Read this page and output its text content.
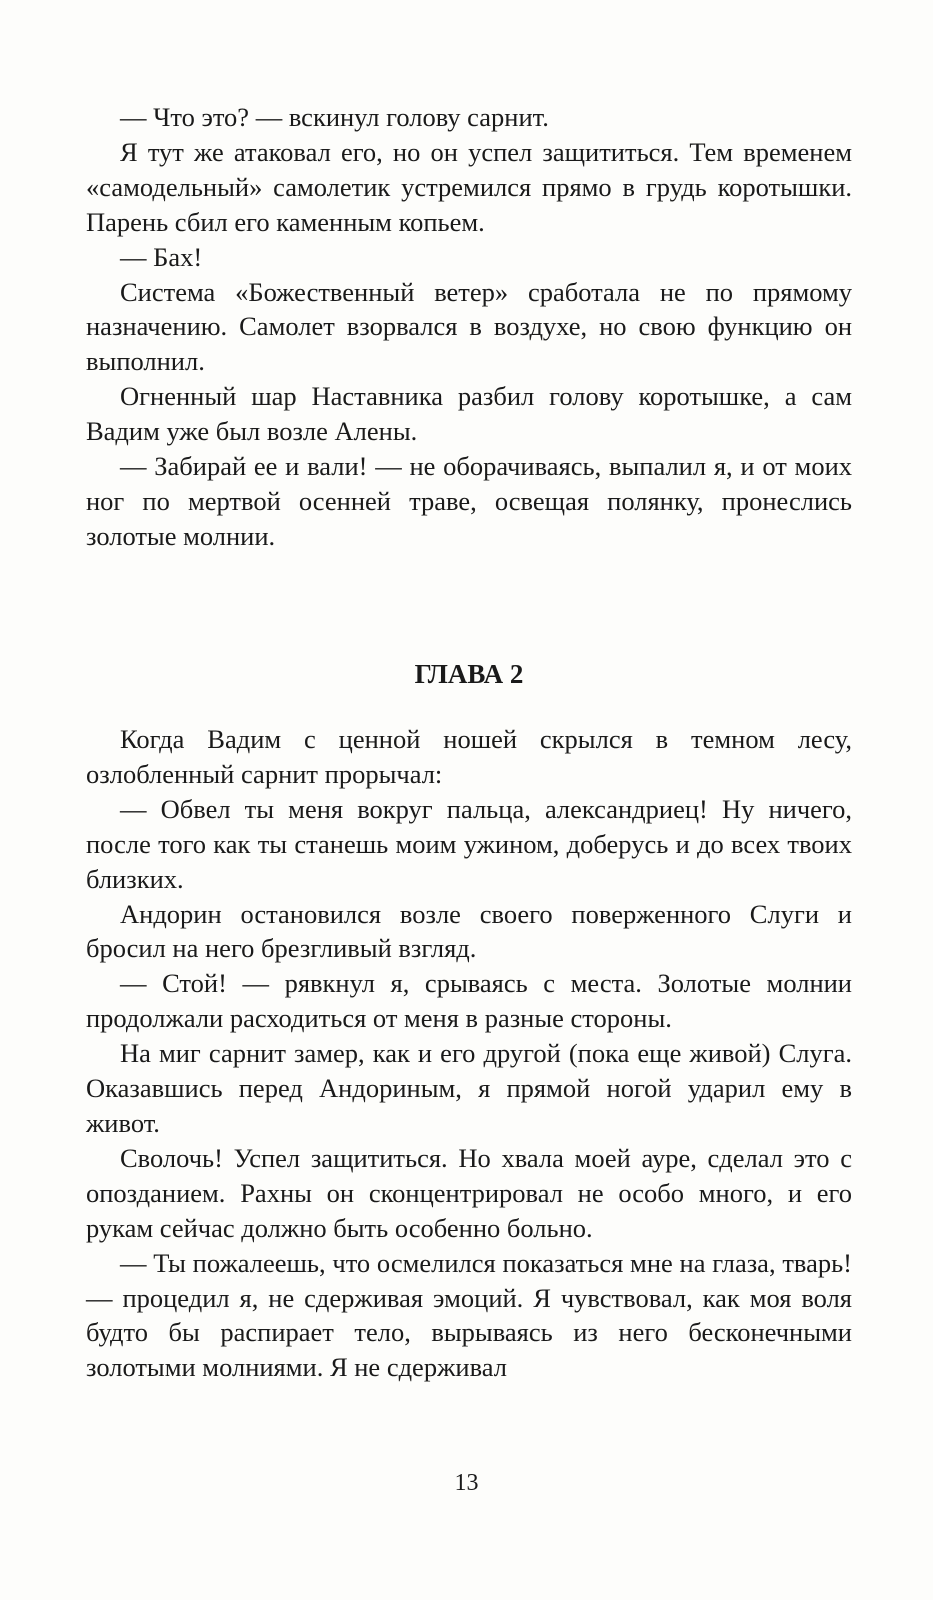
— Что это? — вскинул голову сарнит.

Я тут же атаковал его, но он успел защититься. Тем временем «самодельный» самолетик устремился прямо в грудь коротышки. Парень сбил его каменным копьем.

— Бах!

Система «Божественный ветер» сработала не по прямому назначению. Самолет взорвался в воздухе, но свою функцию он выполнил.

Огненный шар Наставника разбил голову коротышке, а сам Вадим уже был возле Алены.

— Забирай ее и вали! — не оборачиваясь, выпалил я, и от моих ног по мертвой осенней траве, освещая полянку, пронеслись золотые молнии.

ГЛАВА 2

Когда Вадим с ценной ношей скрылся в темном лесу, озлобленный сарнит прорычал:

— Обвел ты меня вокруг пальца, александриец! Ну ничего, после того как ты станешь моим ужином, доберусь и до всех твоих близких.

Андорин остановился возле своего поверженного Слуги и бросил на него брезгливый взгляд.

— Стой! — рявкнул я, срываясь с места. Золотые молнии продолжали расходиться от меня в разные стороны.

На миг сарнит замер, как и его другой (пока еще живой) Слуга. Оказавшись перед Андориным, я прямой ногой ударил ему в живот.

Сволочь! Успел защититься. Но хвала моей ауре, сделал это с опозданием. Рахны он сконцентрировал не особо много, и его рукам сейчас должно быть особенно больно.

— Ты пожалеешь, что осмелился показаться мне на глаза, тварь! — процедил я, не сдерживая эмоций. Я чувствовал, как моя воля будто бы распирает тело, вырываясь из него бесконечными золотыми молниями. Я не сдерживал

13
